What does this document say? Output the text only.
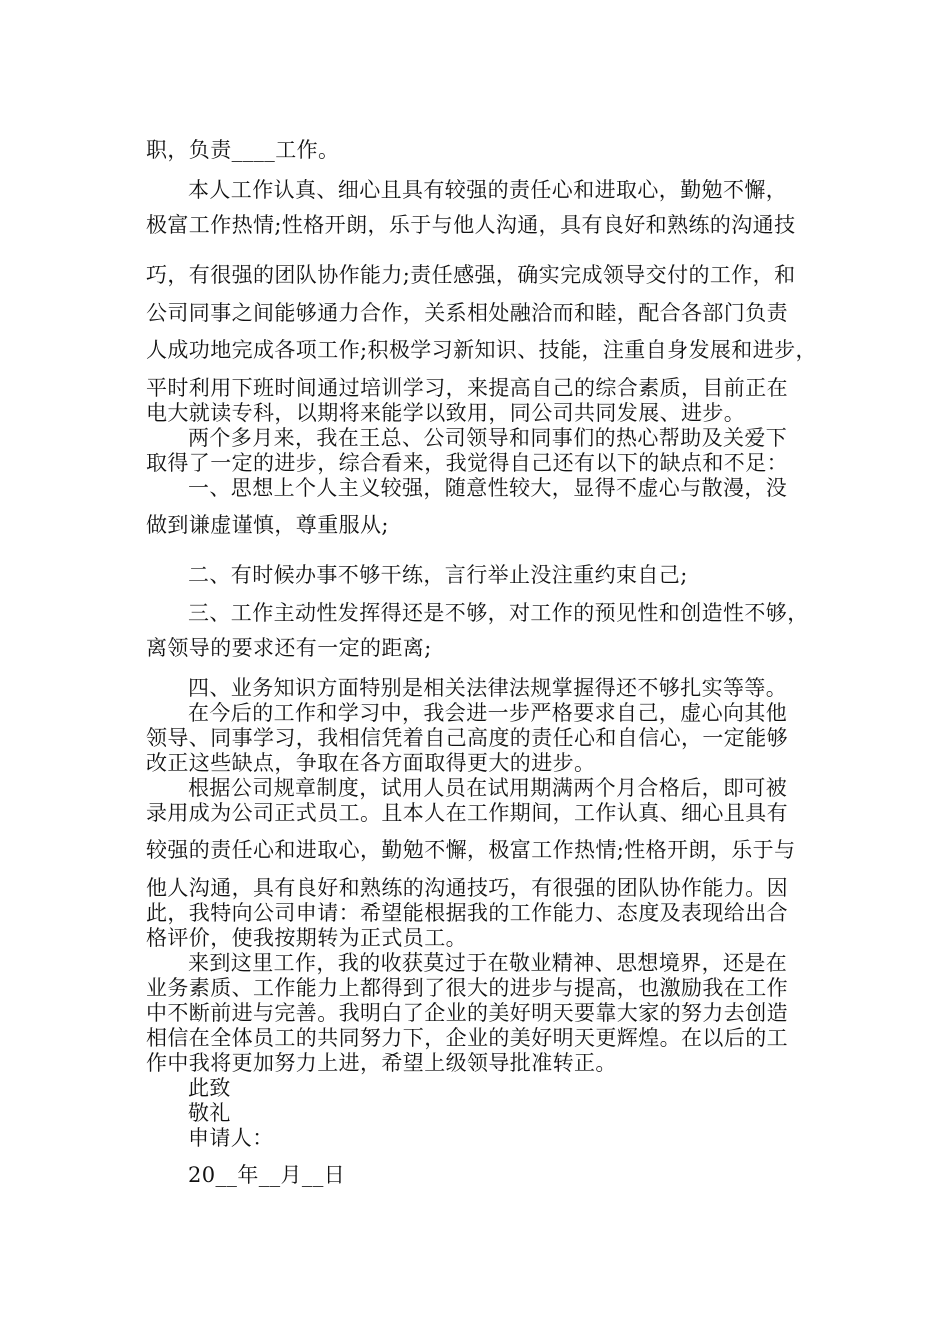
职，负责____工作。
本人工作认真、细心且具有较强的责任心和进取心，勤勉不懈，
极富工作热情;性格开朗，乐于与他人沟通，具有良好和熟练的沟通技
巧，有很强的团队协作能力;责任感强，确实完成领导交付的工作，和
公司同事之间能够通力合作，关系相处融洽而和睦，配合各部门负责
人成功地完成各项工作;积极学习新知识、技能，注重自身发展和进步，
平时利用下班时间通过培训学习，来提高自己的综合素质，目前正在
电大就读专科，以期将来能学以致用，同公司共同发展、进步。
两个多月来，我在王总、公司领导和同事们的热心帮助及关爱下
取得了一定的进步，综合看来，我觉得自己还有以下的缺点和不足：
一、思想上个人主义较强，随意性较大，显得不虚心与散漫，没
做到谦虚谨慎，尊重服从;
二、有时候办事不够干练，言行举止没注重约束自己;
三、工作主动性发挥得还是不够，对工作的预见性和创造性不够，
离领导的要求还有一定的距离;
四、业务知识方面特别是相关法律法规掌握得还不够扎实等等。
在今后的工作和学习中，我会进一步严格要求自己，虚心向其他
领导、同事学习，我相信凭着自己高度的责任心和自信心，一定能够
改正这些缺点，争取在各方面取得更大的进步。
根据公司规章制度，试用人员在试用期满两个月合格后，即可被
录用成为公司正式员工。且本人在工作期间，工作认真、细心且具有
较强的责任心和进取心，勤勉不懈，极富工作热情;性格开朗，乐于与
他人沟通，具有良好和熟练的沟通技巧，有很强的团队协作能力。因
此，我特向公司申请：希望能根据我的工作能力、态度及表现给出合
格评价，使我按期转为正式员工。
来到这里工作，我的收获莫过于在敬业精神、思想境界，还是在
业务素质、工作能力上都得到了很大的进步与提高，也激励我在工作
中不断前进与完善。我明白了企业的美好明天要靠大家的努力去创造
相信在全体员工的共同努力下，企业的美好明天更辉煌。在以后的工
作中我将更加努力上进，希望上级领导批准转正。
此致
敬礼
申请人：
20__年__月__日
